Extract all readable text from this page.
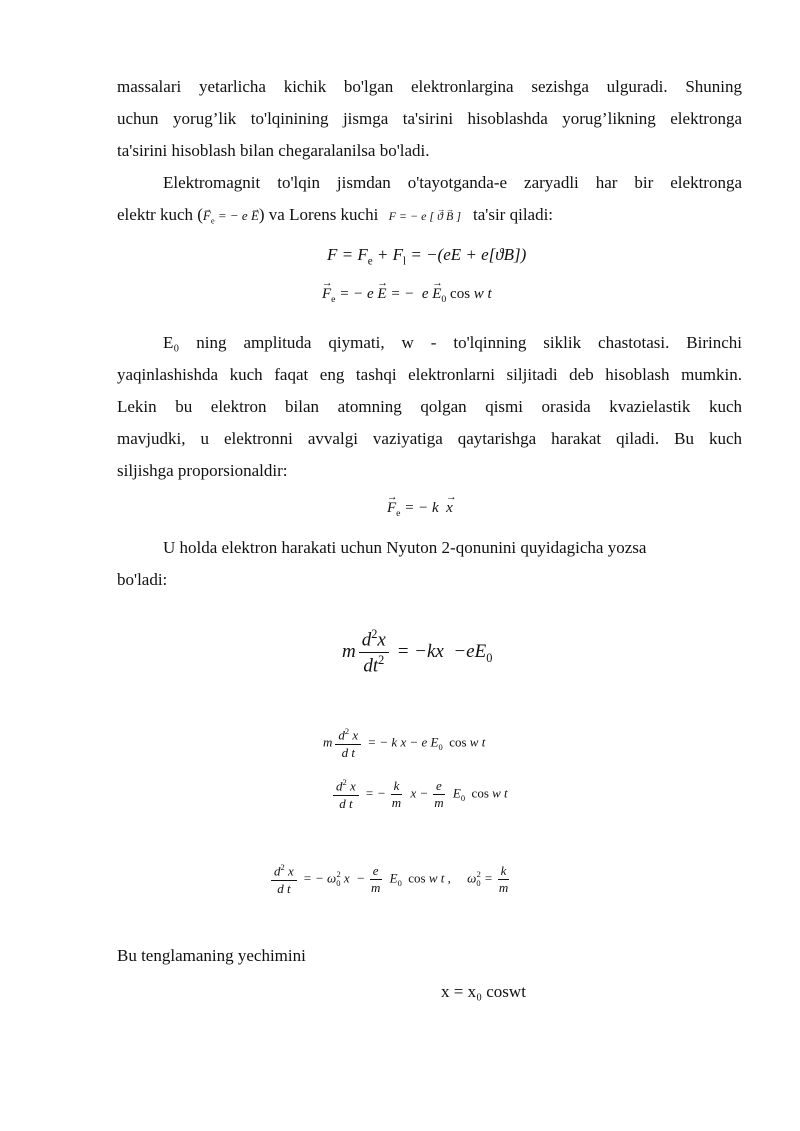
massalari yetarlicha kichik bo'lgan elektronlargina sezishga ulguradi. Shuning
uchun yorug’lik to'lqinining jismga ta'sirini hisoblashda yorug’likning elektronga
ta'sirini hisoblash bilan chegaralanilsa bo'ladi.
Elektromagnit to'lqin jismdan o'tayotganda-e zaryadli har bir elektronga
elektr kuch (→ $F_e$ = − e → E) va Lorens kuchi F = − e [ → ϑ → B ] ta'sir qiladi:
$F = F_e + F_l = -(eE + e[ϑB])$
→ $F_e$ = − e → E = −  $e \to E_0$ cos w t
E₀ ning amplituda qiymati, w - to'lqinning siklik chastotasi. Birinchi
yaqinlashishda kuch faqat eng tashqi elektronlarni siljitadi deb hisoblash mumkin.
Lekin bu elektron bilan atomning qolgan qismi orasida kvazielastik kuch
mavjudki, u elektronni avvalgi vaziyatiga qaytarishga harakat qiladi. Bu kuch
siljishga proporsionaldir:
→ $F_e$ = − k  → x
U holda elektron harakati uchun Nyuton 2-qonunini quyidagicha yozsa
bo'ladi:
m $\frac{d^2x}{dt^2} = -kx -eE_0$
m $\frac{d^2 x}{\text{d t}}$ = − k x − e $E_0$ cos w t
$\frac{d^2 x}{\text{d t}}$ = − $\frac{k}{m}$ $x - \frac{e}{m} E_0$ cos w t
$\frac{d^2 x}{\text{d t}}$ = − $\omega_0^2$ $x - \frac{e}{m} E_0$ cos w t ,     $\omega_0^2 = \frac{k}{m}$
Bu tenglamaning yechimini
x = x₀ coswt
